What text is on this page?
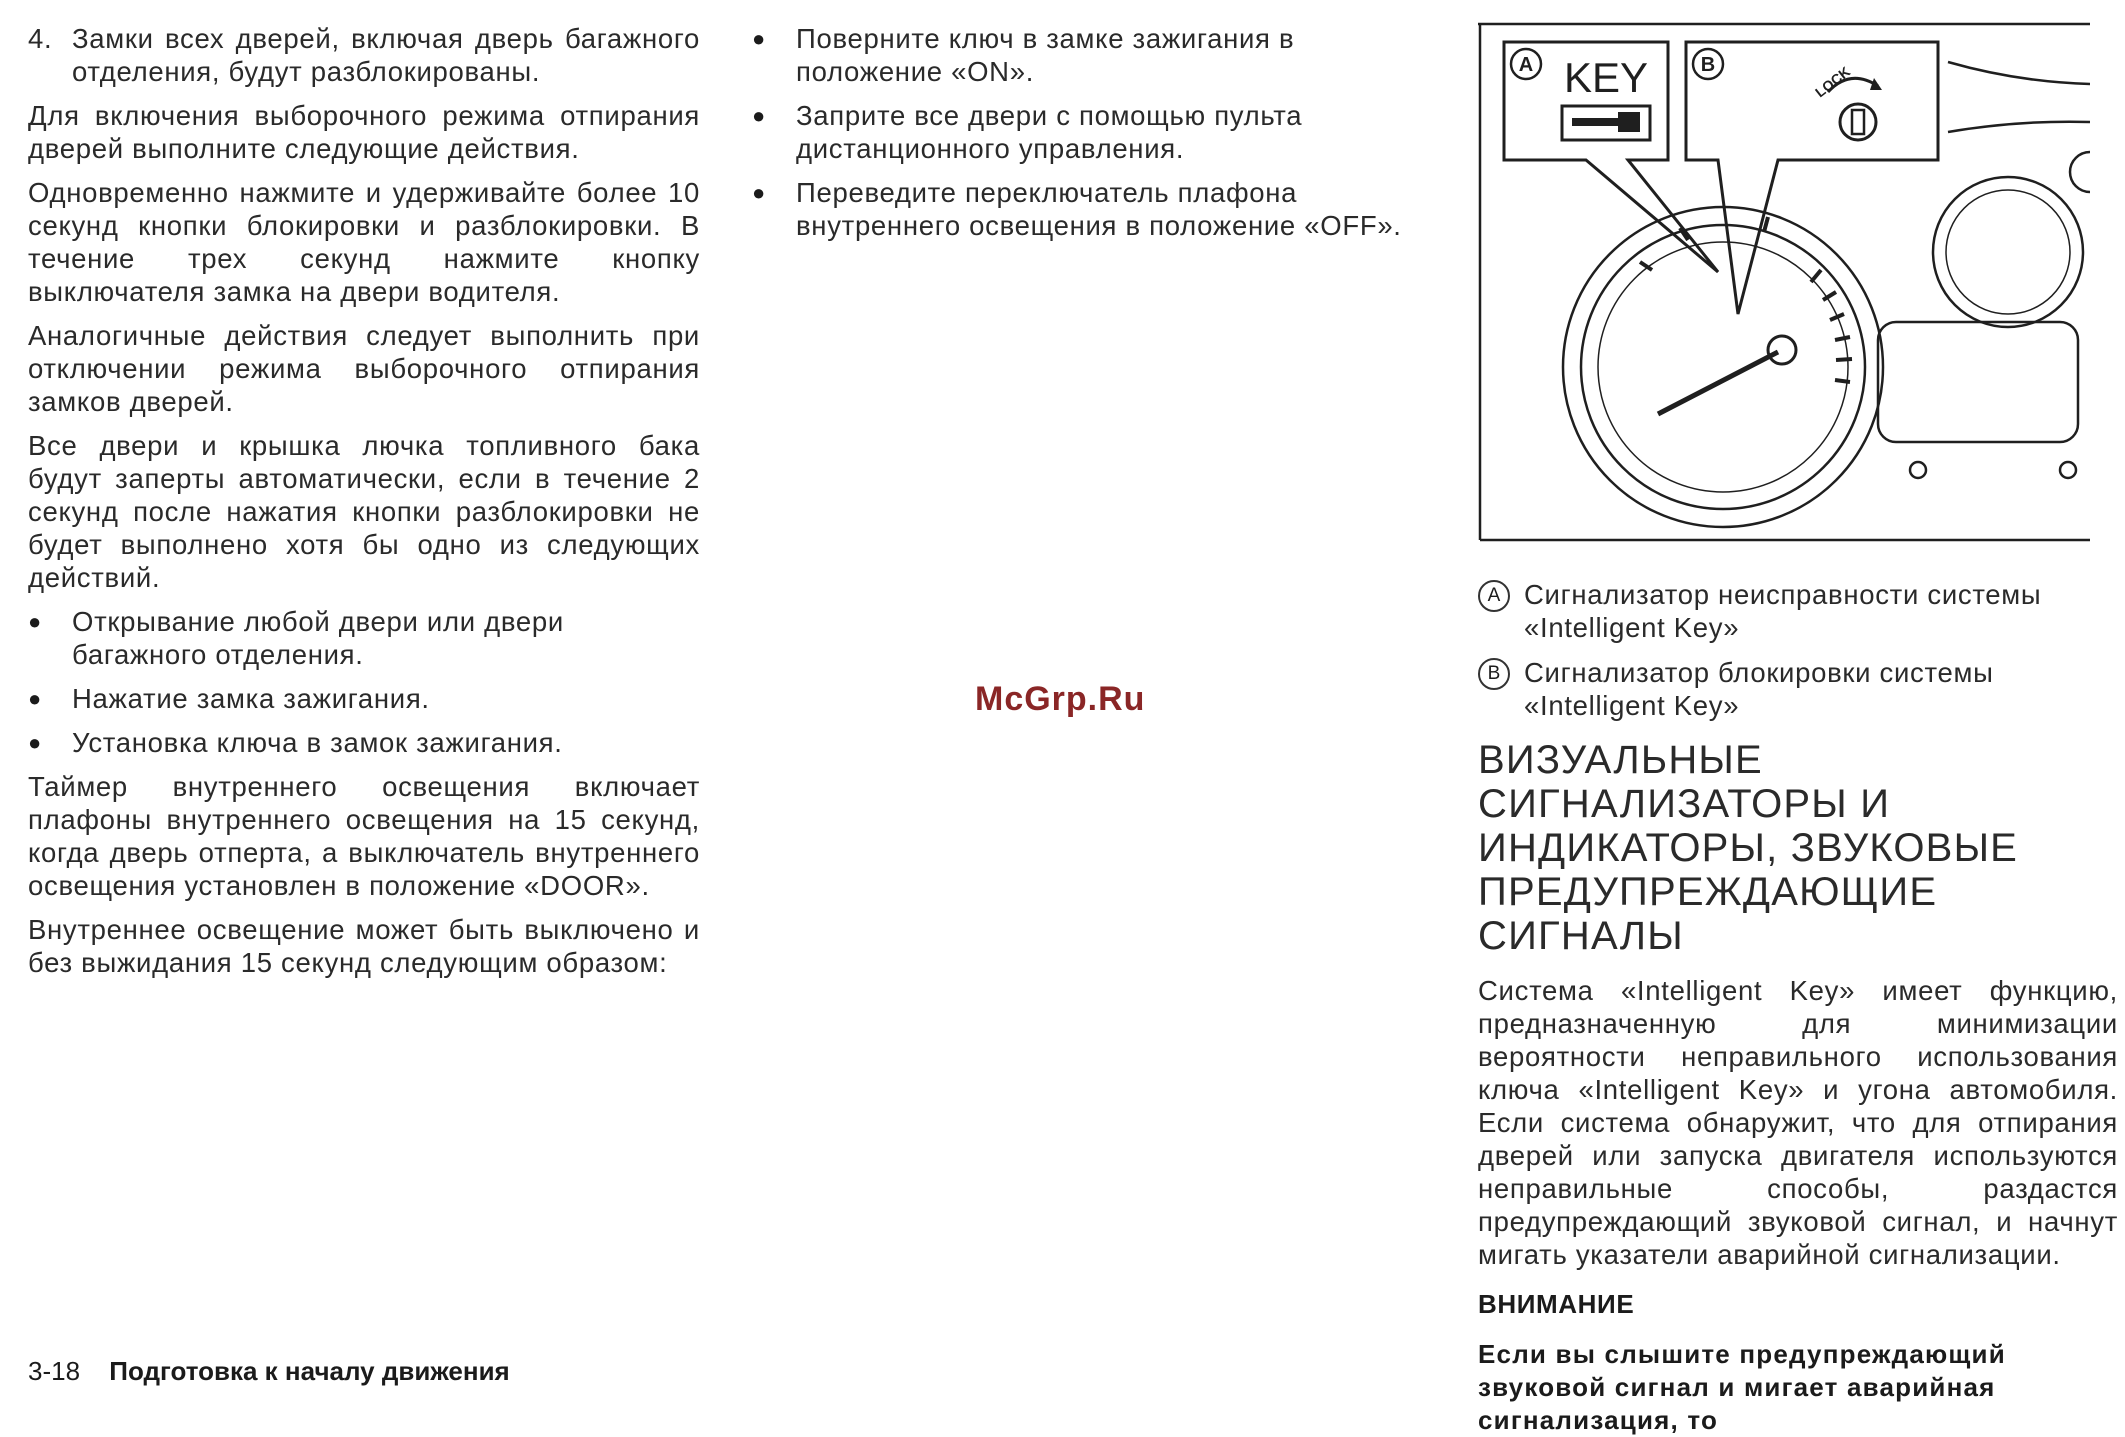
4. Замки всех дверей, включая дверь багажного отделения, будут разблокированы.

Для включения выборочного режима отпирания дверей выполните следующие действия.

Одновременно нажмите и удерживайте более 10 секунд кнопки блокировки и разблокировки. В течение трех секунд нажмите кнопку выключателя замка на двери водителя.

Аналогичные действия следует выполнить при отключении режима выборочного отпирания замков дверей.

Все двери и крышка лючка топливного бака будут заперты автоматически, если в течение 2 секунд после нажатия кнопки разблокировки не будет выполнено хотя бы одно из следующих действий.

●	Открывание любой двери или двери багажного отделения.
●	Нажатие замка зажигания.
●	Установка ключа в замок зажигания.

Таймер внутреннего освещения включает плафоны внутреннего освещения на 15 секунд, когда дверь отперта, а выключатель внутреннего освещения установлен в положение «DOOR».

Внутреннее освещение может быть выключено и без выжидания 15 секунд следующим образом:

●	Поверните ключ в замке зажигания в положение «ON».
●	Заприте все двери с помощью пульта дистанционного управления.
●	Переведите переключатель плафона внутреннего освещения в положение «OFF».
A KEY	B	LOCK
A Сигнализатор неисправности системы «Intelligent Key»
B Сигнализатор блокировки системы «Intelligent Key»
ВИЗУАЛЬНЫЕ СИГНАЛИЗАТОРЫ И ИНДИКАТОРЫ, ЗВУКОВЫЕ ПРЕДУПРЕЖДАЮЩИЕ СИГНАЛЫ

Система «Intelligent Key» имеет функцию, предназначенную для минимизации вероятности неправильного использования ключа «Intelligent Key» и угона автомобиля. Если система обнаружит, что для отпирания дверей или запуска двигателя используются неправильные способы, раздастся предупреждающий звуковой сигнал, и начнут мигать указатели аварийной сигнализации.

ВНИМАНИЕ

Если вы слышите предупреждающий звуковой сигнал и мигает аварийная сигнализация, то

McGrp.Ru
3-18 Подготовка к началу движения
